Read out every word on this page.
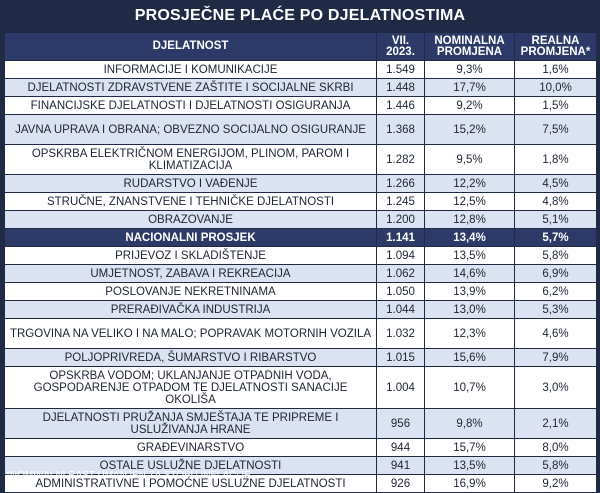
PROSJEČNE PLAĆE PO DJELATNOSTIMA
DJELATNOST	VII. 2023.	NOMINALNA PROMJENA	REALNA PROMJENA*
INFORMACIJE I KOMUNIKACIJE	1.549	9,3%	1,6%
DJELATNOSTI ZDRAVSTVENE ZAŠTITE I SOCIJALNE SKRBI	1.448	17,7%	10,0%
FINANCIJSKE DJELATNOSTI I DJELATNOSTI OSIGURANJA	1.446	9,2%	1,5%
JAVNA UPRAVA I OBRANA; OBVEZNO SOCIJALNO OSIGURANJE	1.368	15,2%	7,5%
OPSKRBA ELEKTRIČNOM ENERGIJOM, PLINOM, PAROM I KLIMATIZACIJA	1.282	9,5%	1,8%
RUDARSTVO I VAĐENJE	1.266	12,2%	4,5%
STRUČNE, ZNANSTVENE I TEHNIČKE DJELATNOSTI	1.245	12,5%	4,8%
OBRAZOVANJE	1.200	12,8%	5,1%
NACIONALNI PROSJEK	1.141	13,4%	5,7%
PRIJEVOZ I SKLADIŠTENJE	1.094	13,5%	5,8%
UMJETNOST, ZABAVA I REKREACIJA	1.062	14,6%	6,9%
POSLOVANJE NEKRETNINAMA	1.050	13,9%	6,2%
PRERAĐIVAČKA INDUSTRIJA	1.044	13,0%	5,3%
TRGOVINA NA VELIKO I NA MALO; POPRAVAK MOTORNIH VOZILA	1.032	12,3%	4,6%
POLJOPRIVREDA, ŠUMARSTVO I RIBARSTVO	1.015	15,6%	7,9%
OPSKRBA VODOM; UKLANJANJE OTPADNIH VODA, GOSPODARENJE OTPADOM TE DJELATNOSTI SANACIJE OKOLIŠA	1.004	10,7%	3,0%
DJELATNOSTI PRUŽANJA SMJEŠTAJA TE PRIPREME I USLUŽIVANJA HRANE	956	9,8%	2,1%
GRAĐEVINARSTVO	944	15,7%	8,0%
OSTALE USLUŽNE DJELATNOSTI	941	13,5%	5,8%
ADMINISTRATIVNE I POMOĆNE USLUŽNE DJELATNOSTI	926	16,9%	9,2%
*NOMINALNI RAST UMANJEN ZA STOPU INFLACIJE
